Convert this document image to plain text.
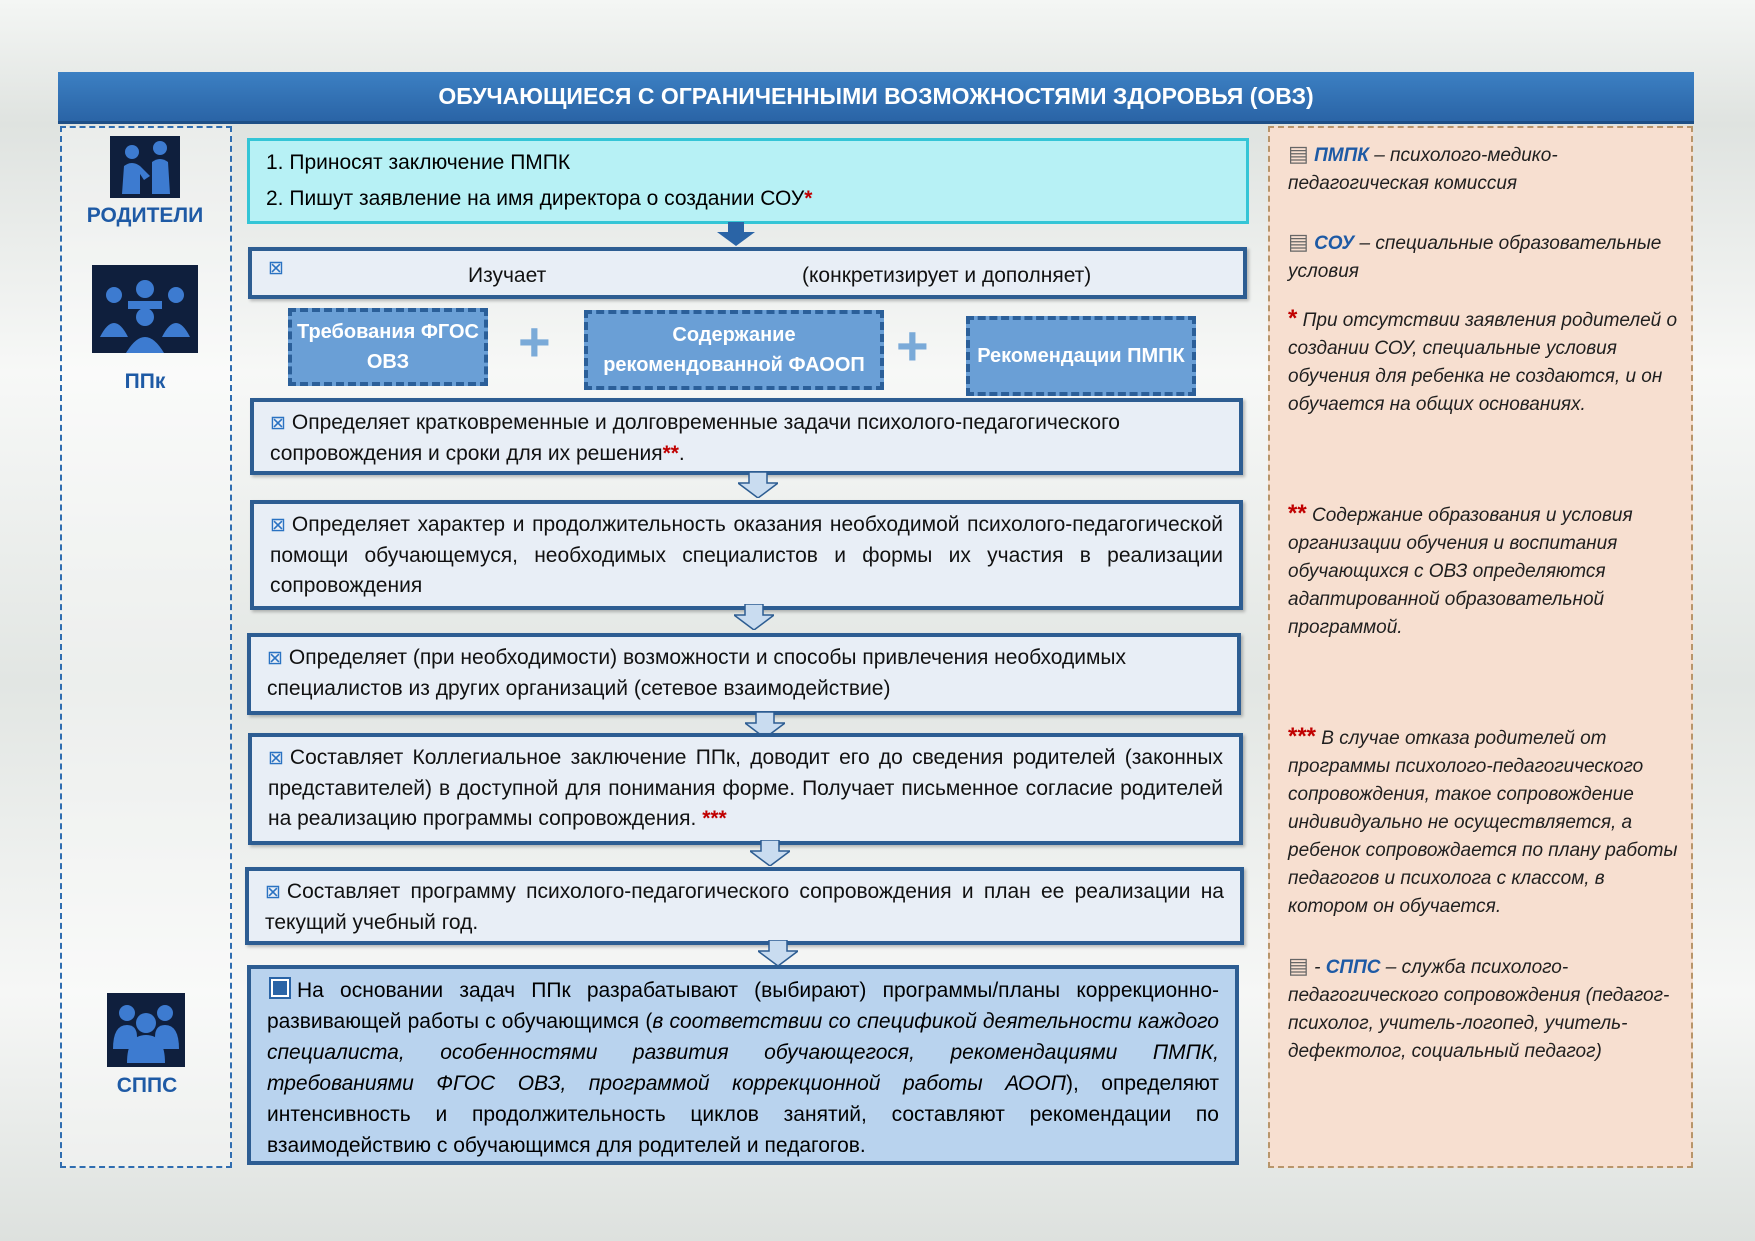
ОБУЧАЮЩИЕСЯ С ОГРАНИЧЕННЫМИ ВОЗМОЖНОСТЯМИ ЗДОРОВЬЯ (ОВЗ)
РОДИТЕЛИ
ППк
СППС
1. Приносят заключение ПМПК
2. Пишут заявление на имя директора о создании СОУ*
⊠	Изучает	(конкретизирует и дополняет)
Требования ФГОС ОВЗ	+	Содержание рекомендованной ФАООП +	Рекомендации ПМПК
⊠ Определяет кратковременные и долговременные задачи психолого-педагогического сопровождения и сроки для их решения**.
⊠ Определяет характер и продолжительность оказания необходимой психолого-педагогической помощи обучающемуся, необходимых специалистов и формы их участия в реализации сопровождения
⊠ Определяет (при необходимости) возможности и способы привлечения необходимых специалистов из других организаций (сетевое взаимодействие)
⊠ Составляет Коллегиальное заключение ППк, доводит его до сведения родителей (законных представителей) в доступной для понимания форме. Получает письменное согласие родителей на реализацию программы сопровождения. ***
⊠ Составляет программу психолого-педагогического сопровождения и план ее реализации на текущий учебный год.
На основании задач ППк разрабатывают (выбирают) программы/планы коррекционно-развивающей работы с обучающимся (в соответствии со спецификой деятельности каждого специалиста, особенностями развития обучающегося, рекомендациями ПМПК, требованиями ФГОС ОВЗ, программой коррекционной работы АООП), определяют интенсивность и продолжительность циклов занятий, составляют рекомендации по взаимодействию с обучающимся для родителей и педагогов.
▤ ПМПК – психолого-медико-педагогическая комиссия
▤ СОУ – специальные образовательные условия
* При отсутствии заявления родителей о создании СОУ, специальные условия обучения для ребенка не создаются, и он обучается на общих основаниях.
** Содержание образования и условия организации обучения и воспитания обучающихся с ОВЗ определяются адаптированной образовательной программой.
*** В случае отказа родителей от программы психолого-педагогического сопровождения, такое сопровождение индивидуально не осуществляется, а ребенок сопровождается по плану работы педагогов и психолога с классом, в котором он обучается.
▤ - СППС – служба психолого-педагогического сопровождения (педагог-психолог, учитель-логопед, учитель-дефектолог, социальный педагог)
